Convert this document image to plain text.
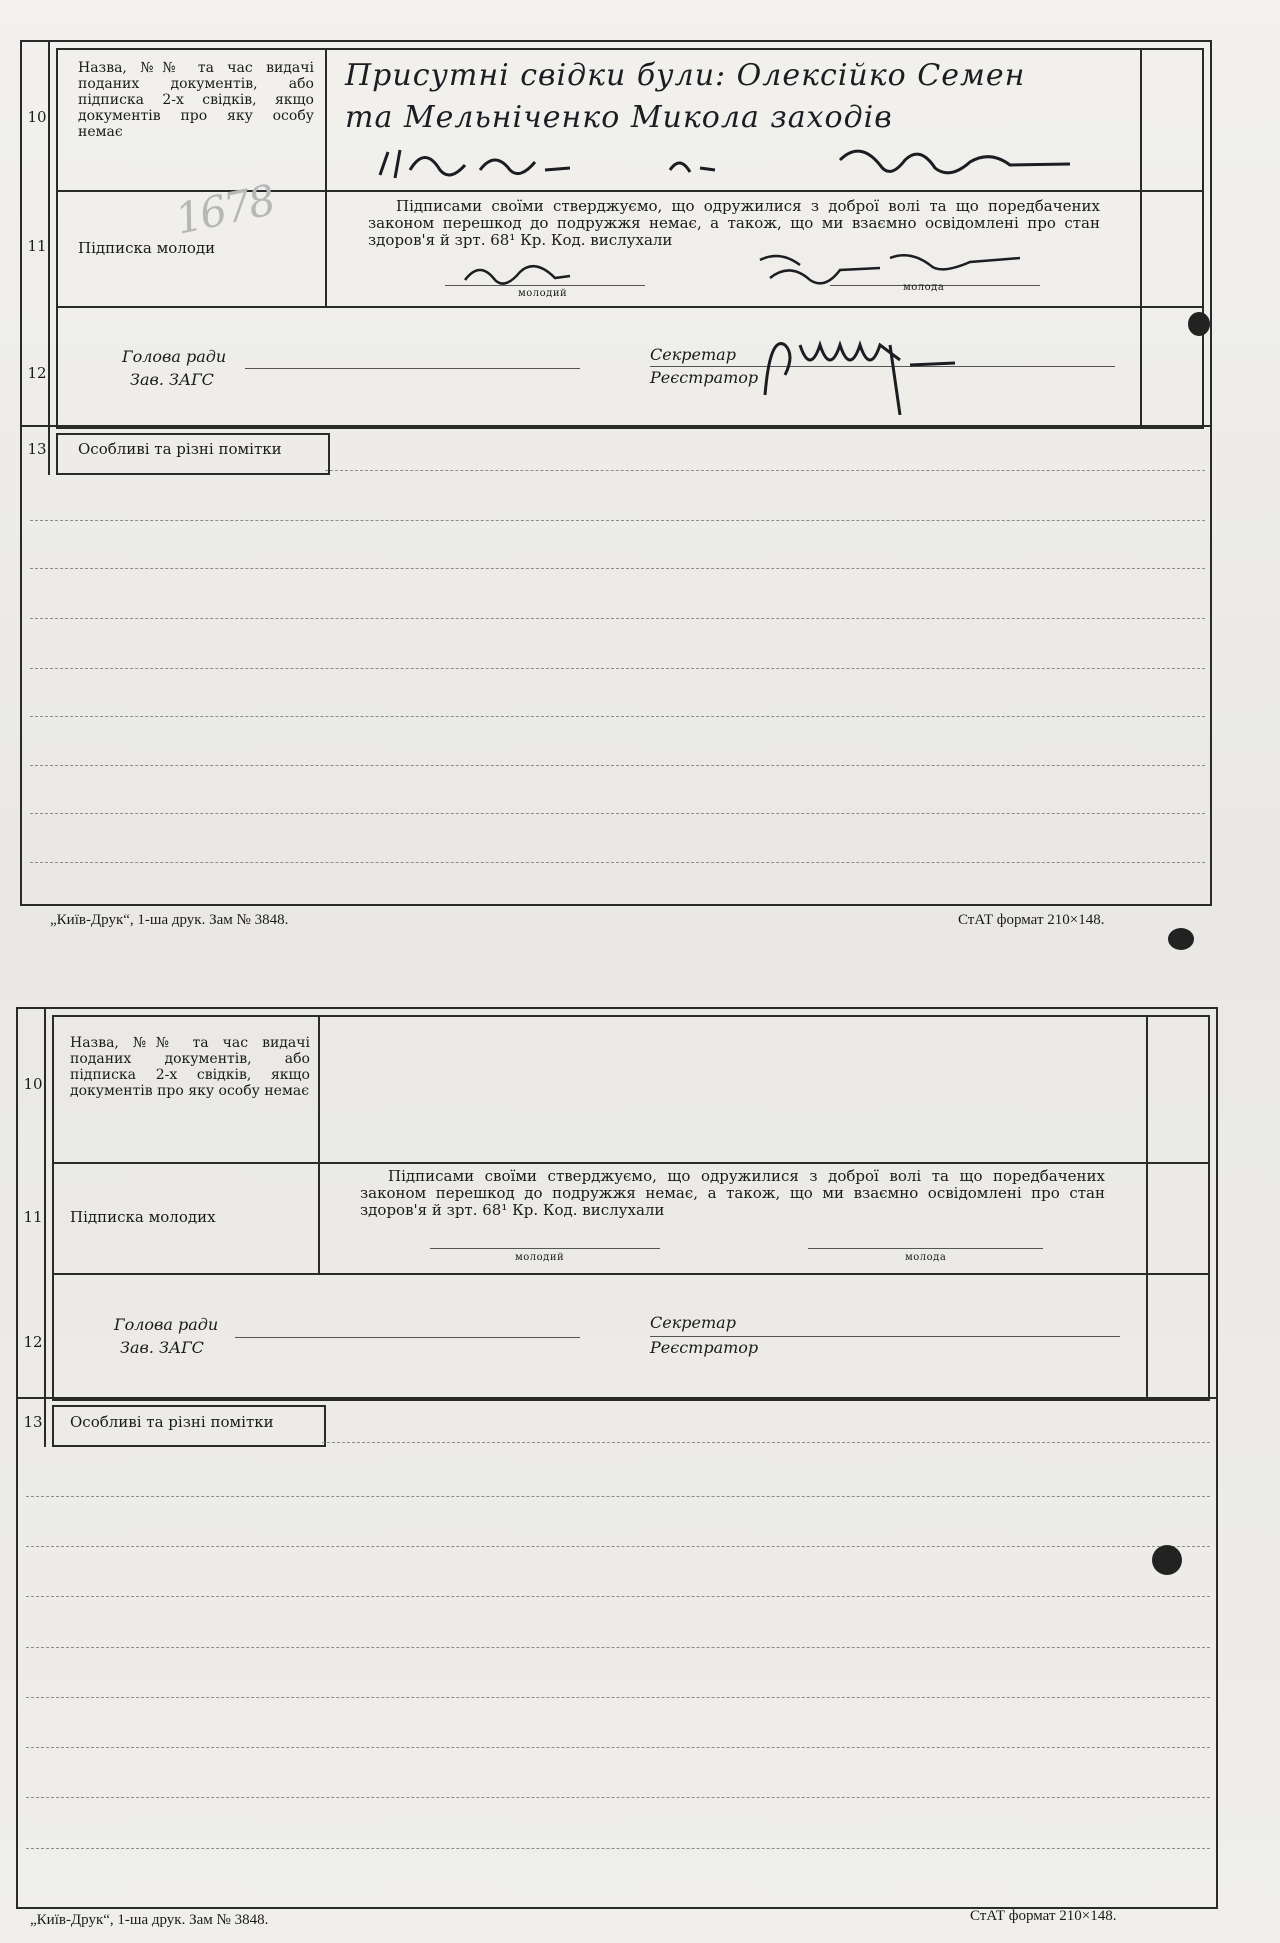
10
Назва, №№ та час видачі поданих документів, або підписка 2-х свідків, якщо документів про яку особу немає
Присутні свідки були: Олексійко Семен
та Мельніченко Микола заходів
1678
11 Підписка молоди
Підписами своїми стверджуємо, що одружилися з доброї волі та що поредбачених законом перешкод до подружжя немає, а також, що ми взаємно освідомлені про стан здоров'я й зрт. 68¹ Кр. Код. вислухали
молодий
молода
12
Голова ради
Зав. ЗАГС
Секретар
Реєстратор
13 Особливі та різні помітки
„Київ-Друк“, 1-ша друк. Зам № 3848.	СтАТ формат 210×148.
10
Назва, №№ та час видачі поданих документів, або підписка 2-х свідків, якщо документів про яку особу немає
11 Підписка молодих
Підписами своїми стверджуємо, що одружилися з доброї волі та що поредбачених законом перешкод до подружжя немає, а також, що ми взаємно освідомлені про стан здоров'я й зрт. 68¹ Кр. Код. виcлухали
молодий	молода
12
Голова ради
Зав. ЗАГС
Секретар
Реєстратор
13 Особливі та різні помітки
„Київ-Друк“, 1-ша друк. Зам № 3848.	СтАТ формат 210×148.
